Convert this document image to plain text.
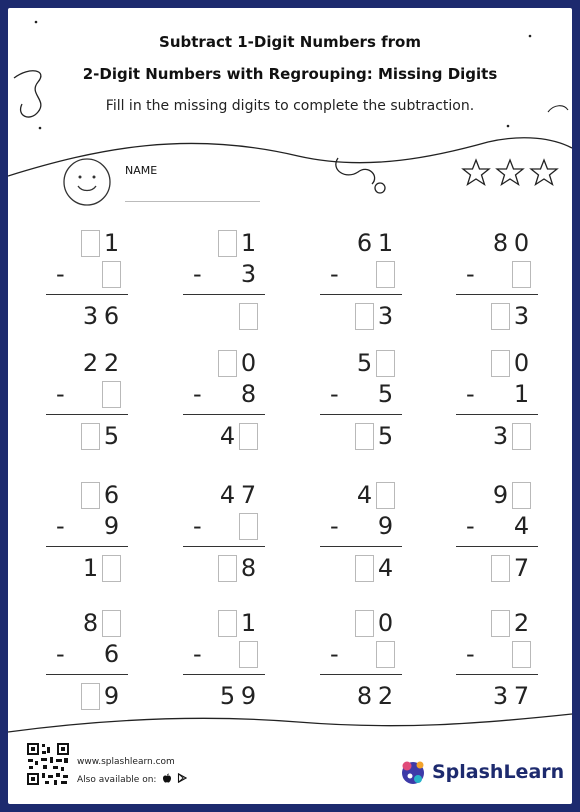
Subtract 1-Digit Numbers from
2-Digit Numbers with Regrouping: Missing Digits
Fill in the missing digits to complete the subtraction.
NAME
1
-
3 6
1
- 3
6 1
-
3
8 0
-
3
2 2
-
5
0
- 8
4
5
- 5
5
0
- 1
3
6
- 9
1
4 7
-
8
4
- 9
4
9
- 4
7
8
- 6
9
1
-
5 9
0
-
8 2
2
-
3 7
www.splashlearn.com
Also available on:	SplashLearn
